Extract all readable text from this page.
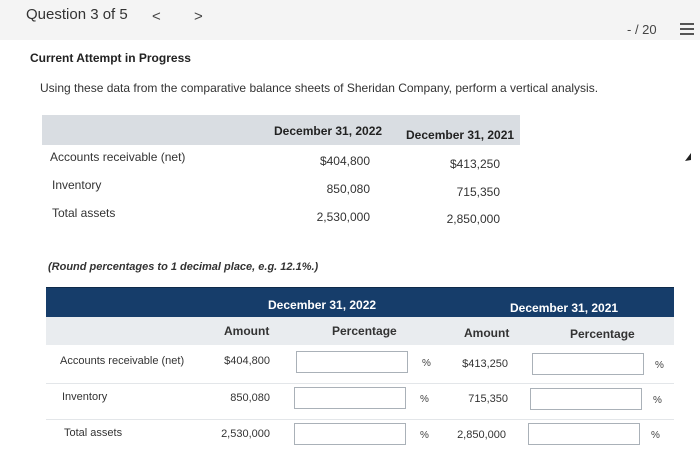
Question 3 of 5 < >
- / 20
Current Attempt in Progress
Using these data from the comparative balance sheets of Sheridan Company, perform a vertical analysis.
December 31, 2022 December 31, 2021
Accounts receivable (net)	$404,800	$413,250
Inventory	850,080	715,350
Total assets	2,530,000	2,850,000
(Round percentages to 1 decimal place, e.g. 12.1%.)
December 31, 2022	December 31, 2021
Amount	Percentage	Amount	Percentage
Accounts receivable (net)	$404,800	%	$413,250	%
Inventory	850,080	%	715,350	%
Total assets	2,530,000	%	2,850,000	%
